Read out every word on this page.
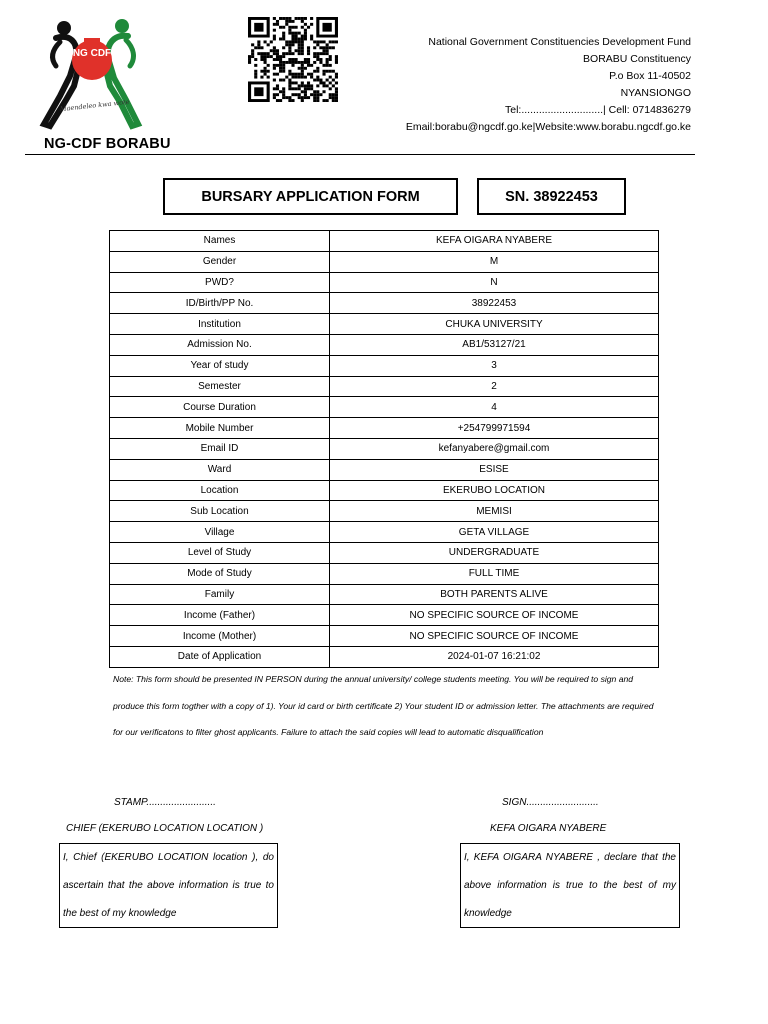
NG CDF
Maendeleo kwa wote
National Government Constituencies Development Fund
BORABU Constituency
P.o Box 11-40502
NYANSIONGO
Tel:............................| Cell: 0714836279
Email:borabu@ngcdf.go.ke|Website:www.borabu.ngcdf.go.ke
NG-CDF BORABU
BURSARY APPLICATION FORM	SN. 38922453
Names	KEFA OIGARA NYABERE
Gender	M
PWD?	N
ID/Birth/PP No.	38922453
Institution	CHUKA UNIVERSITY
Admission No.	AB1/53127/21
Year of study	3
Semester	2
Course Duration	4
Mobile Number	+254799971594
Email ID	kefanyabere@gmail.com
Ward	ESISE
Location	EKERUBO LOCATION
Sub Location	MEMISI
Village	GETA VILLAGE
Level of Study	UNDERGRADUATE
Mode of Study	FULL TIME
Family	BOTH PARENTS ALIVE
Income (Father)	NO SPECIFIC SOURCE OF INCOME
Income (Mother)	NO SPECIFIC SOURCE OF INCOME
Date of Application	2024-01-07 16:21:02
Note: This form should be presented IN PERSON during the annual university/ college students meeting. You will be required to sign and produce this form togther with a copy of 1). Your id card or birth certificate 2) Your student ID or admission letter. The attachments are required for our verificatons to filter ghost applicants. Failure to attach the said copies will lead to automatic disqualification
STAMP.........................	SIGN..........................
CHIEF (EKERUBO LOCATION LOCATION )	KEFA OIGARA NYABERE
I, Chief (EKERUBO LOCATION location ), do ascertain that the above information is true to the best of my knowledge
I, KEFA OIGARA NYABERE , declare that the above information is true to the best of my knowledge
